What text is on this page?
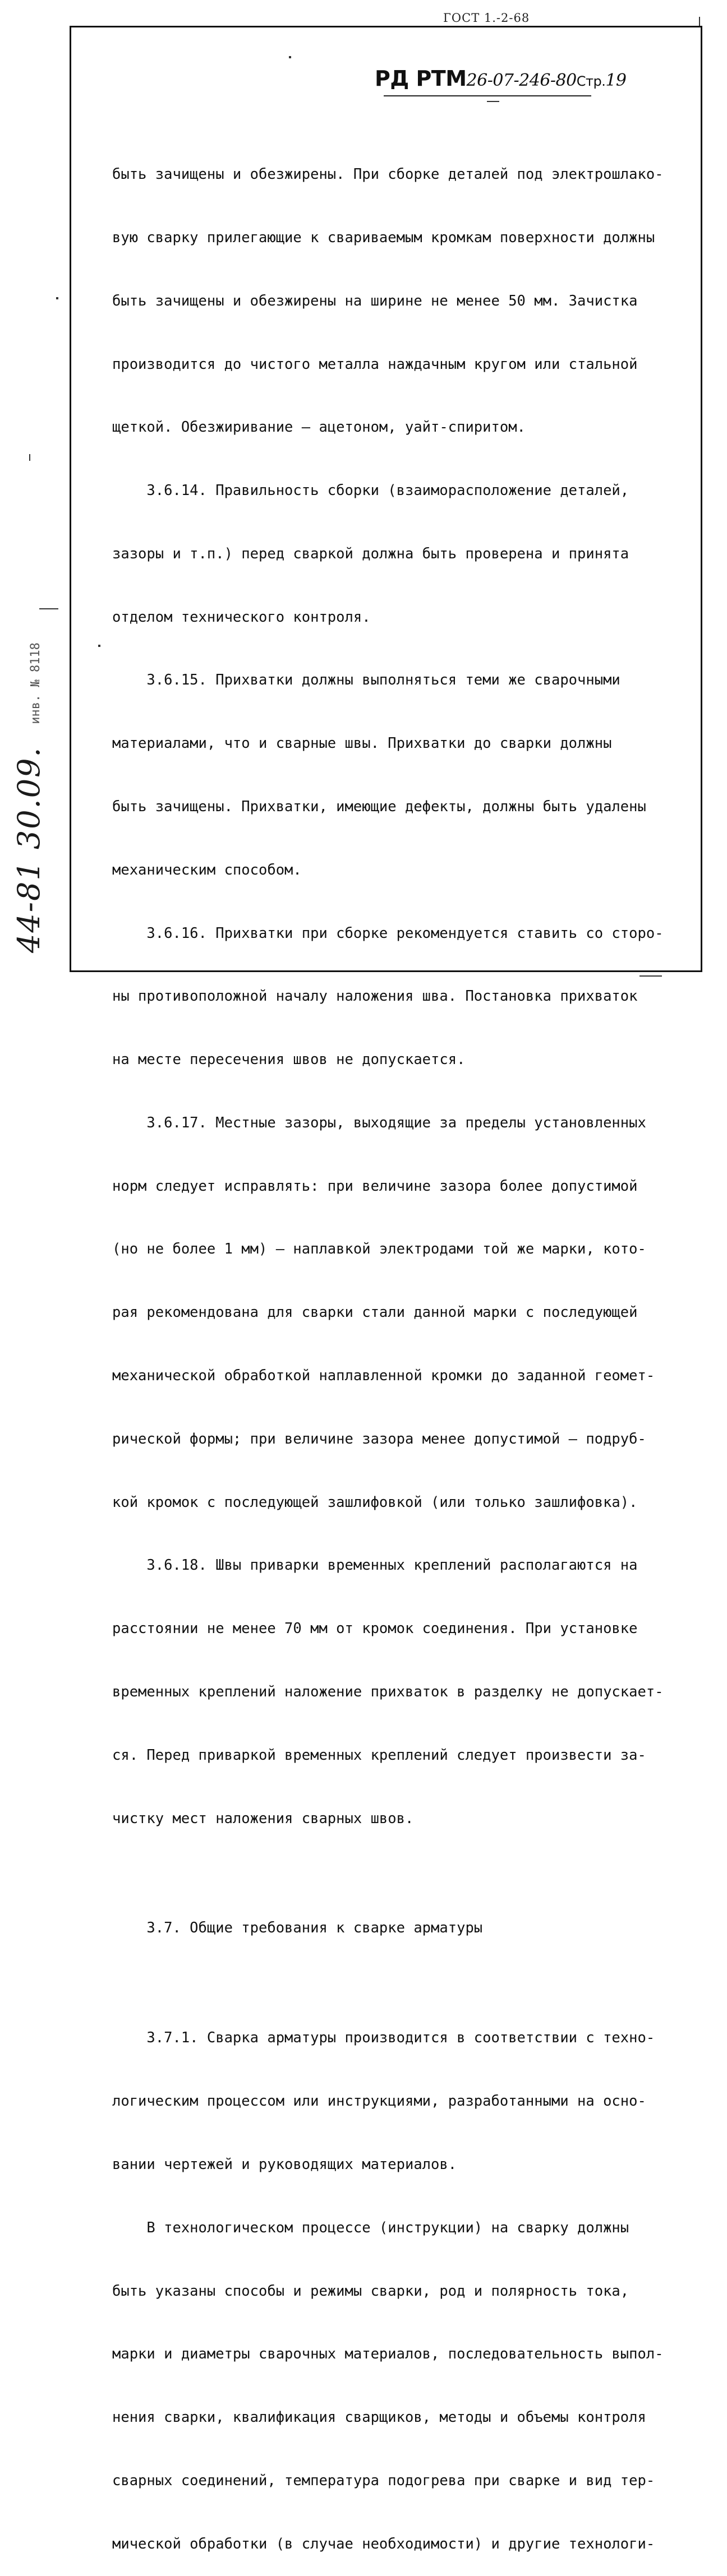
ГОСТ 1.-2-68
РД РТМ26-07-246-80Стр.19

быть зачищены и обезжирены. При сборке деталей под электрошлако-

вую сварку прилегающие к свариваемым кромкам поверхности должны

быть зачищены и обезжирены на ширине не менее 50 мм. Зачистка

производится до чистого металла наждачным кругом или стальной

щеткой. Обезжиривание – ацетоном, уайт-спиритом.

3.6.14. Правильность сборки (взаиморасположение деталей,

зазоры и т.п.) перед сваркой должна быть проверена и принята

отделом технического контроля.

3.6.15. Прихватки должны выполняться теми же сварочными

материалами, что и сварные швы. Прихватки до сварки должны

быть зачищены. Прихватки, имеющие дефекты, должны быть удалены

механическим способом.

3.6.16. Прихватки при сборке рекомендуется ставить со сторо-

ны противоположной началу наложения шва. Постановка прихваток

на месте пересечения швов не допускается.

3.6.17. Местные зазоры, выходящие за пределы установленных

норм следует исправлять: при величине зазора более допустимой

(но не более 1 мм) – наплавкой электродами той же марки, кото-

рая рекомендована для сварки стали данной марки с последующей

механической обработкой наплавленной кромки до заданной геомет-

рической формы; при величине зазора менее допустимой – подруб-

кой кромок с последующей зашлифовкой (или только зашлифовка).

3.6.18. Швы приварки временных креплений располагаются на

расстоянии не менее 70 мм от кромок соединения. При установке

временных креплений наложение прихваток в разделку не допускает-

ся. Перед приваркой временных креплений следует произвести за-

чистку мест наложения сварных швов.

3.7. Общие требования к сварке арматуры

3.7.1. Сварка арматуры производится в соответствии с техно-

логическим процессом или инструкциями, разработанными на осно-

вании чертежей и руководящих материалов.

В технологическом процессе (инструкции) на сварку должны

быть указаны способы и режимы сварки, род и полярность тока,

марки и диаметры сварочных материалов, последовательность выпол-

нения сварки, квалификация сварщиков, методы и объемы контроля

сварных соединений, температура подогрева при сварке и вид тер-

мической обработки (в случае необходимости) и другие технологи-

44-81 30.09. инв. № 8118
